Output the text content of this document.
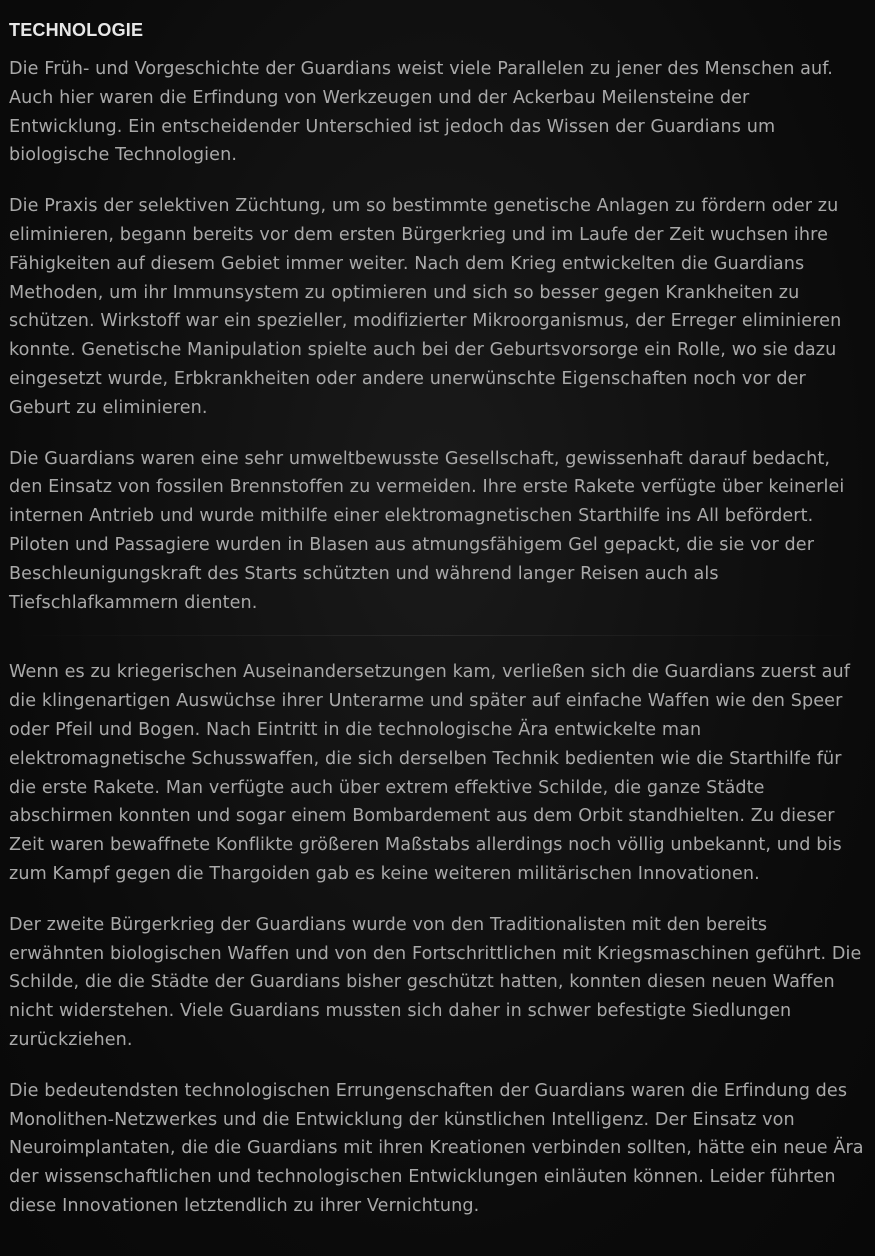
TECHNOLOGIE

Die Früh- und Vorgeschichte der Guardians weist viele Parallelen zu jener des Menschen auf. Auch hier waren die Erfindung von Werkzeugen und der Ackerbau Meilensteine der Entwicklung. Ein entscheidender Unterschied ist jedoch das Wissen der Guardians um biologische Technologien.

Die Praxis der selektiven Züchtung, um so bestimmte genetische Anlagen zu fördern oder zu eliminieren, begann bereits vor dem ersten Bürgerkrieg und im Laufe der Zeit wuchsen ihre Fähigkeiten auf diesem Gebiet immer weiter. Nach dem Krieg entwickelten die Guardians Methoden, um ihr Immunsystem zu optimieren und sich so besser gegen Krankheiten zu schützen. Wirkstoff war ein spezieller, modifizierter Mikroorganismus, der Erreger eliminieren konnte. Genetische Manipulation spielte auch bei der Geburtsvorsorge ein Rolle, wo sie dazu eingesetzt wurde, Erbkrankheiten oder andere unerwünschte Eigenschaften noch vor der Geburt zu eliminieren.

Die Guardians waren eine sehr umweltbewusste Gesellschaft, gewissenhaft darauf bedacht, den Einsatz von fossilen Brennstoffen zu vermeiden. Ihre erste Rakete verfügte über keinerlei internen Antrieb und wurde mithilfe einer elektromagnetischen Starthilfe ins All befördert. Piloten und Passagiere wurden in Blasen aus atmungsfähigem Gel gepackt, die sie vor der Beschleunigungskraft des Starts schützten und während langer Reisen auch als Tiefschlafkammern dienten.

Wenn es zu kriegerischen Auseinandersetzungen kam, verließen sich die Guardians zuerst auf die klingenartigen Auswüchse ihrer Unterarme und später auf einfache Waffen wie den Speer oder Pfeil und Bogen. Nach Eintritt in die technologische Ära entwickelte man elektromagnetische Schusswaffen, die sich derselben Technik bedienten wie die Starthilfe für die erste Rakete. Man verfügte auch über extrem effektive Schilde, die ganze Städte abschirmen konnten und sogar einem Bombardement aus dem Orbit standhielten. Zu dieser Zeit waren bewaffnete Konflikte größeren Maßstabs allerdings noch völlig unbekannt, und bis zum Kampf gegen die Thargoiden gab es keine weiteren militärischen Innovationen.

Der zweite Bürgerkrieg der Guardians wurde von den Traditionalisten mit den bereits erwähnten biologischen Waffen und von den Fortschrittlichen mit Kriegsmaschinen geführt. Die Schilde, die die Städte der Guardians bisher geschützt hatten, konnten diesen neuen Waffen nicht widerstehen. Viele Guardians mussten sich daher in schwer befestigte Siedlungen zurückziehen.

Die bedeutendsten technologischen Errungenschaften der Guardians waren die Erfindung des Monolithen-Netzwerkes und die Entwicklung der künstlichen Intelligenz. Der Einsatz von Neuroimplantaten, die die Guardians mit ihren Kreationen verbinden sollten, hätte ein neue Ära der wissenschaftlichen und technologischen Entwicklungen einläuten können. Leider führten diese Innovationen letztendlich zu ihrer Vernichtung.
